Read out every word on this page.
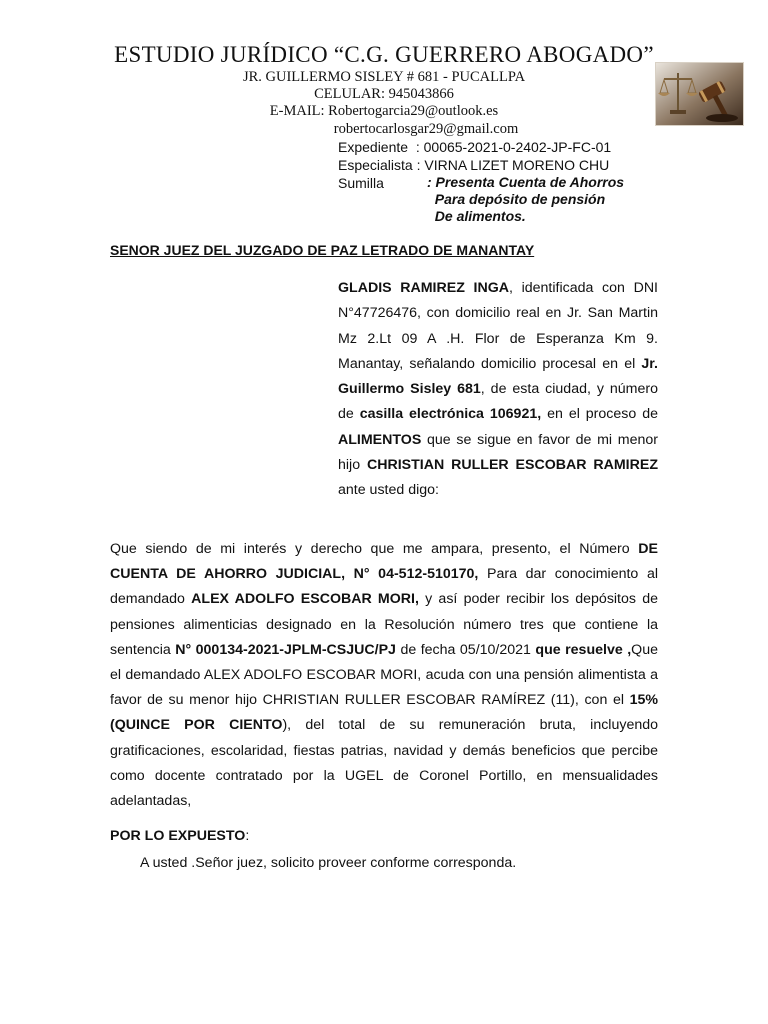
ESTUDIO JURÍDICO “C.G. GUERRERO ABOGADO”
JR. GUILLERMO SISLEY # 681 - PUCALLPA
CELULAR: 945043866
E-MAIL: Robertogarcia29@outlook.es
robertocarlosgar29@gmail.com
Expediente : 00065-2021-0-2402-JP-FC-01
Especialista : VIRNA LIZET MORENO CHU
Sumilla	: Presenta Cuenta de Ahorros
Para depósito de pensión
De alimentos.
SENOR JUEZ DEL JUZGADO DE PAZ LETRADO DE MANANTAY
GLADIS RAMIREZ INGA, identificada con DNI N°47726476, con domicilio real en Jr. San Martin Mz 2.Lt 09 A .H. Flor de Esperanza Km 9. Manantay, señalando domicilio procesal en el Jr. Guillermo Sisley 681, de esta ciudad, y número de casilla electrónica 106921, en el proceso de ALIMENTOS que se sigue en favor de mi menor hijo CHRISTIAN RULLER ESCOBAR RAMIREZ ante usted digo:
Que siendo de mi interés y derecho que me ampara, presento, el Número DE CUENTA DE AHORRO JUDICIAL, N° 04-512-510170, Para dar conocimiento al demandado ALEX ADOLFO ESCOBAR MORI, y así poder recibir los depósitos de pensiones alimenticias designado en la Resolución número tres que contiene la sentencia N° 000134-2021-JPLM-CSJUC/PJ de fecha 05/10/2021 que resuelve ,Que el demandado ALEX ADOLFO ESCOBAR MORI, acuda con una pensión alimentista a favor de su menor hijo CHRISTIAN RULLER ESCOBAR RAMÍREZ (11), con el 15% (QUINCE POR CIENTO), del total de su remuneración bruta, incluyendo gratificaciones, escolaridad, fiestas patrias, navidad y demás beneficios que percibe como docente contratado por la UGEL de Coronel Portillo, en mensualidades adelantadas,
POR LO EXPUESTO:
A usted .Señor juez, solicito proveer conforme corresponda.
